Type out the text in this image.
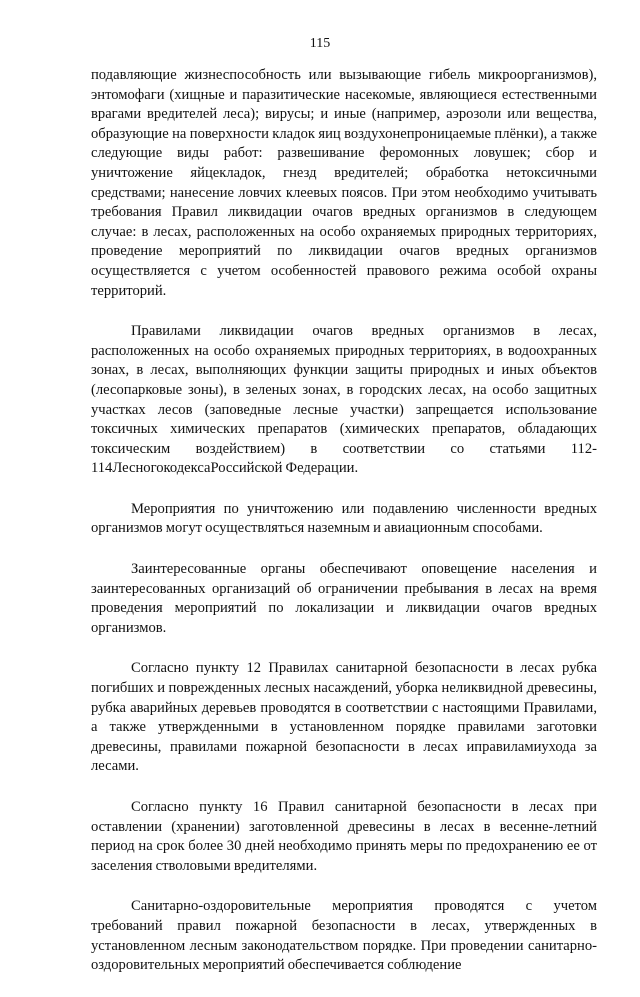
115

подавляющие жизнеспособность или вызывающие гибель микроорганизмов), энтомофаги (хищные и паразитические насекомые, являющиеся естественными врагами вредителей леса); вирусы; и иные (например, аэрозоли или вещества, образующие на поверхности кладок яиц воздухонепроницаемые плёнки), а также следующие виды работ: развешивание феромонных ловушек; сбор и уничтожение яйцекладок, гнезд вредителей; обработка нетоксичными средствами; нанесение ловчих клеевых поясов. При этом необходимо учитывать требования Правил ликвидации очагов вредных организмов в следующем случае: в лесах, расположенных на особо охраняемых природных территориях, проведение мероприятий по ликвидации очагов вредных организмов осуществляется с учетом особенностей правового режима особой охраны территорий.

Правилами ликвидации очагов вредных организмов в лесах, расположенных на особо охраняемых природных территориях, в водоохранных зонах, в лесах, выполняющих функции защиты природных и иных объектов (лесопарковые зоны), в зеленых зонах, в городских лесах, на особо защитных участках лесов (заповедные лесные участки) запрещается использование токсичных химических препаратов (химических препаратов, обладающих токсическим воздействием) в соответствии со статьями 112-114ЛесногокодексаРоссийской Федерации.

Мероприятия по уничтожению или подавлению численности вредных организмов могут осуществляться наземным и авиационным способами.

Заинтересованные органы обеспечивают оповещение населения и заинтересованных организаций об ограничении пребывания в лесах на время проведения мероприятий по локализации и ликвидации очагов вредных организмов.

Согласно пункту 12 Правилах санитарной безопасности в лесах рубка погибших и поврежденных лесных насаждений, уборка неликвидной древесины, рубка аварийных деревьев проводятся в соответствии с настоящими Правилами, а также утвержденными в установленном порядке правилами заготовки древесины, правилами пожарной безопасности в лесах иправиламиухода за лесами.

Согласно пункту 16 Правил санитарной безопасности в лесах при оставлении (хранении) заготовленной древесины в лесах в весенне-летний период на срок более 30 дней необходимо принять меры по предохранению ее от заселения стволовыми вредителями.

Санитарно-оздоровительные мероприятия проводятся с учетом требований правил пожарной безопасности в лесах, утвержденных в установленном лесным законодательством порядке. При проведении санитарно-оздоровительных мероприятий обеспечивается соблюдение
